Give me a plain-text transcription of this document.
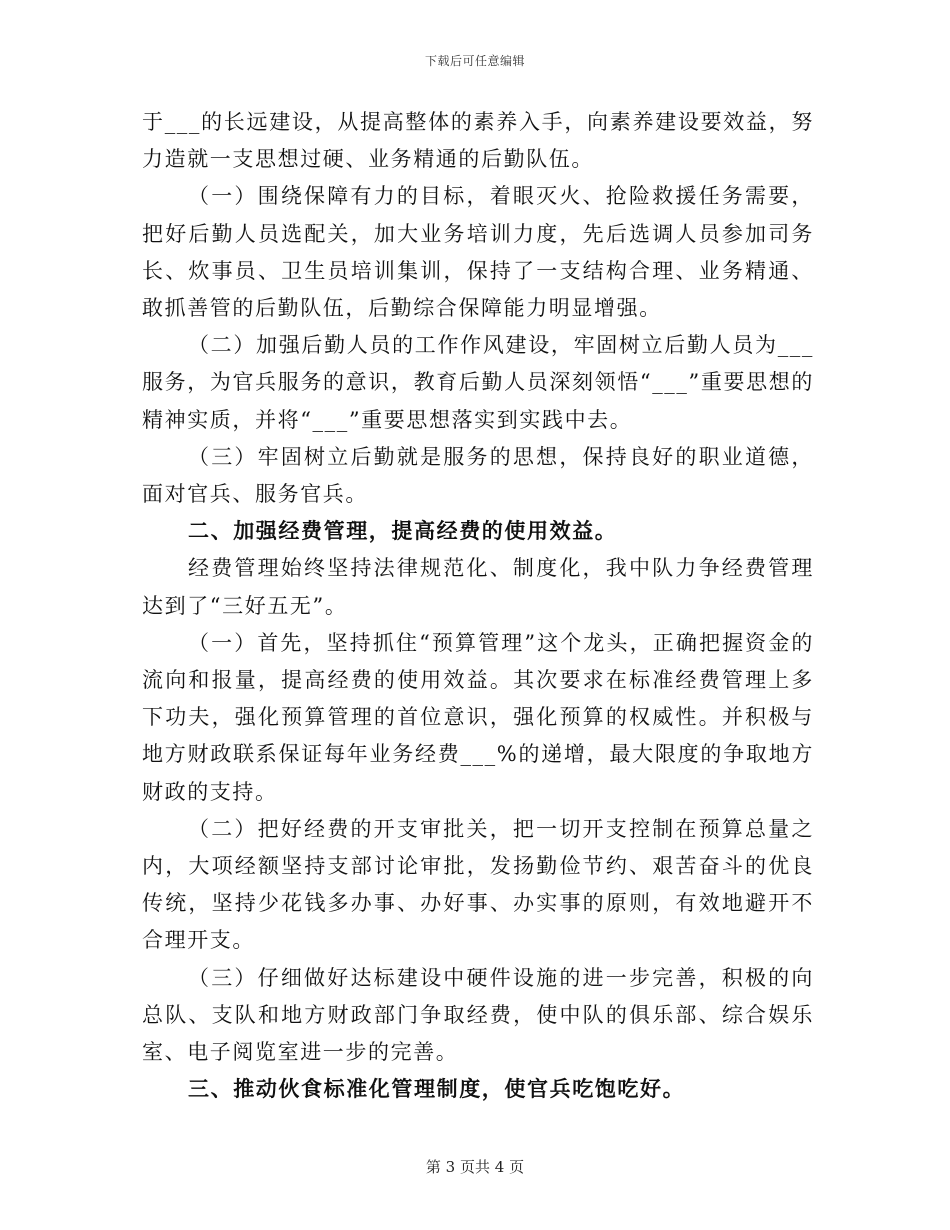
下载后可任意编辑

于___的长远建设，从提高整体的素养入手，向素养建设要效益，努力造就一支思想过硬、业务精通的后勤队伍。

（一）围绕保障有力的目标，着眼灭火、抢险救援任务需要，把好后勤人员选配关，加大业务培训力度，先后选调人员参加司务长、炊事员、卫生员培训集训，保持了一支结构合理、业务精通、敢抓善管的后勤队伍，后勤综合保障能力明显增强。

（二）加强后勤人员的工作作风建设，牢固树立后勤人员为___服务，为官兵服务的意识，教育后勤人员深刻领悟“___”重要思想的精神实质，并将“___”重要思想落实到实践中去。

（三）牢固树立后勤就是服务的思想，保持良好的职业道德，面对官兵、服务官兵。

二、加强经费管理，提高经费的使用效益。

经费管理始终坚持法律规范化、制度化，我中队力争经费管理达到了“三好五无”。

（一）首先，坚持抓住“预算管理”这个龙头，正确把握资金的流向和报量，提高经费的使用效益。其次要求在标准经费管理上多下功夫，强化预算管理的首位意识，强化预算的权威性。并积极与地方财政联系保证每年业务经费___%的递增，最大限度的争取地方财政的支持。

（二）把好经费的开支审批关，把一切开支控制在预算总量之内，大项经额坚持支部讨论审批，发扬勤俭节约、艰苦奋斗的优良传统，坚持少花钱多办事、办好事、办实事的原则，有效地避开不合理开支。

（三）仔细做好达标建设中硬件设施的进一步完善，积极的向总队、支队和地方财政部门争取经费，使中队的俱乐部、综合娱乐室、电子阅览室进一步的完善。

三、推动伙食标准化管理制度，使官兵吃饱吃好。

第 3 页共 4 页
